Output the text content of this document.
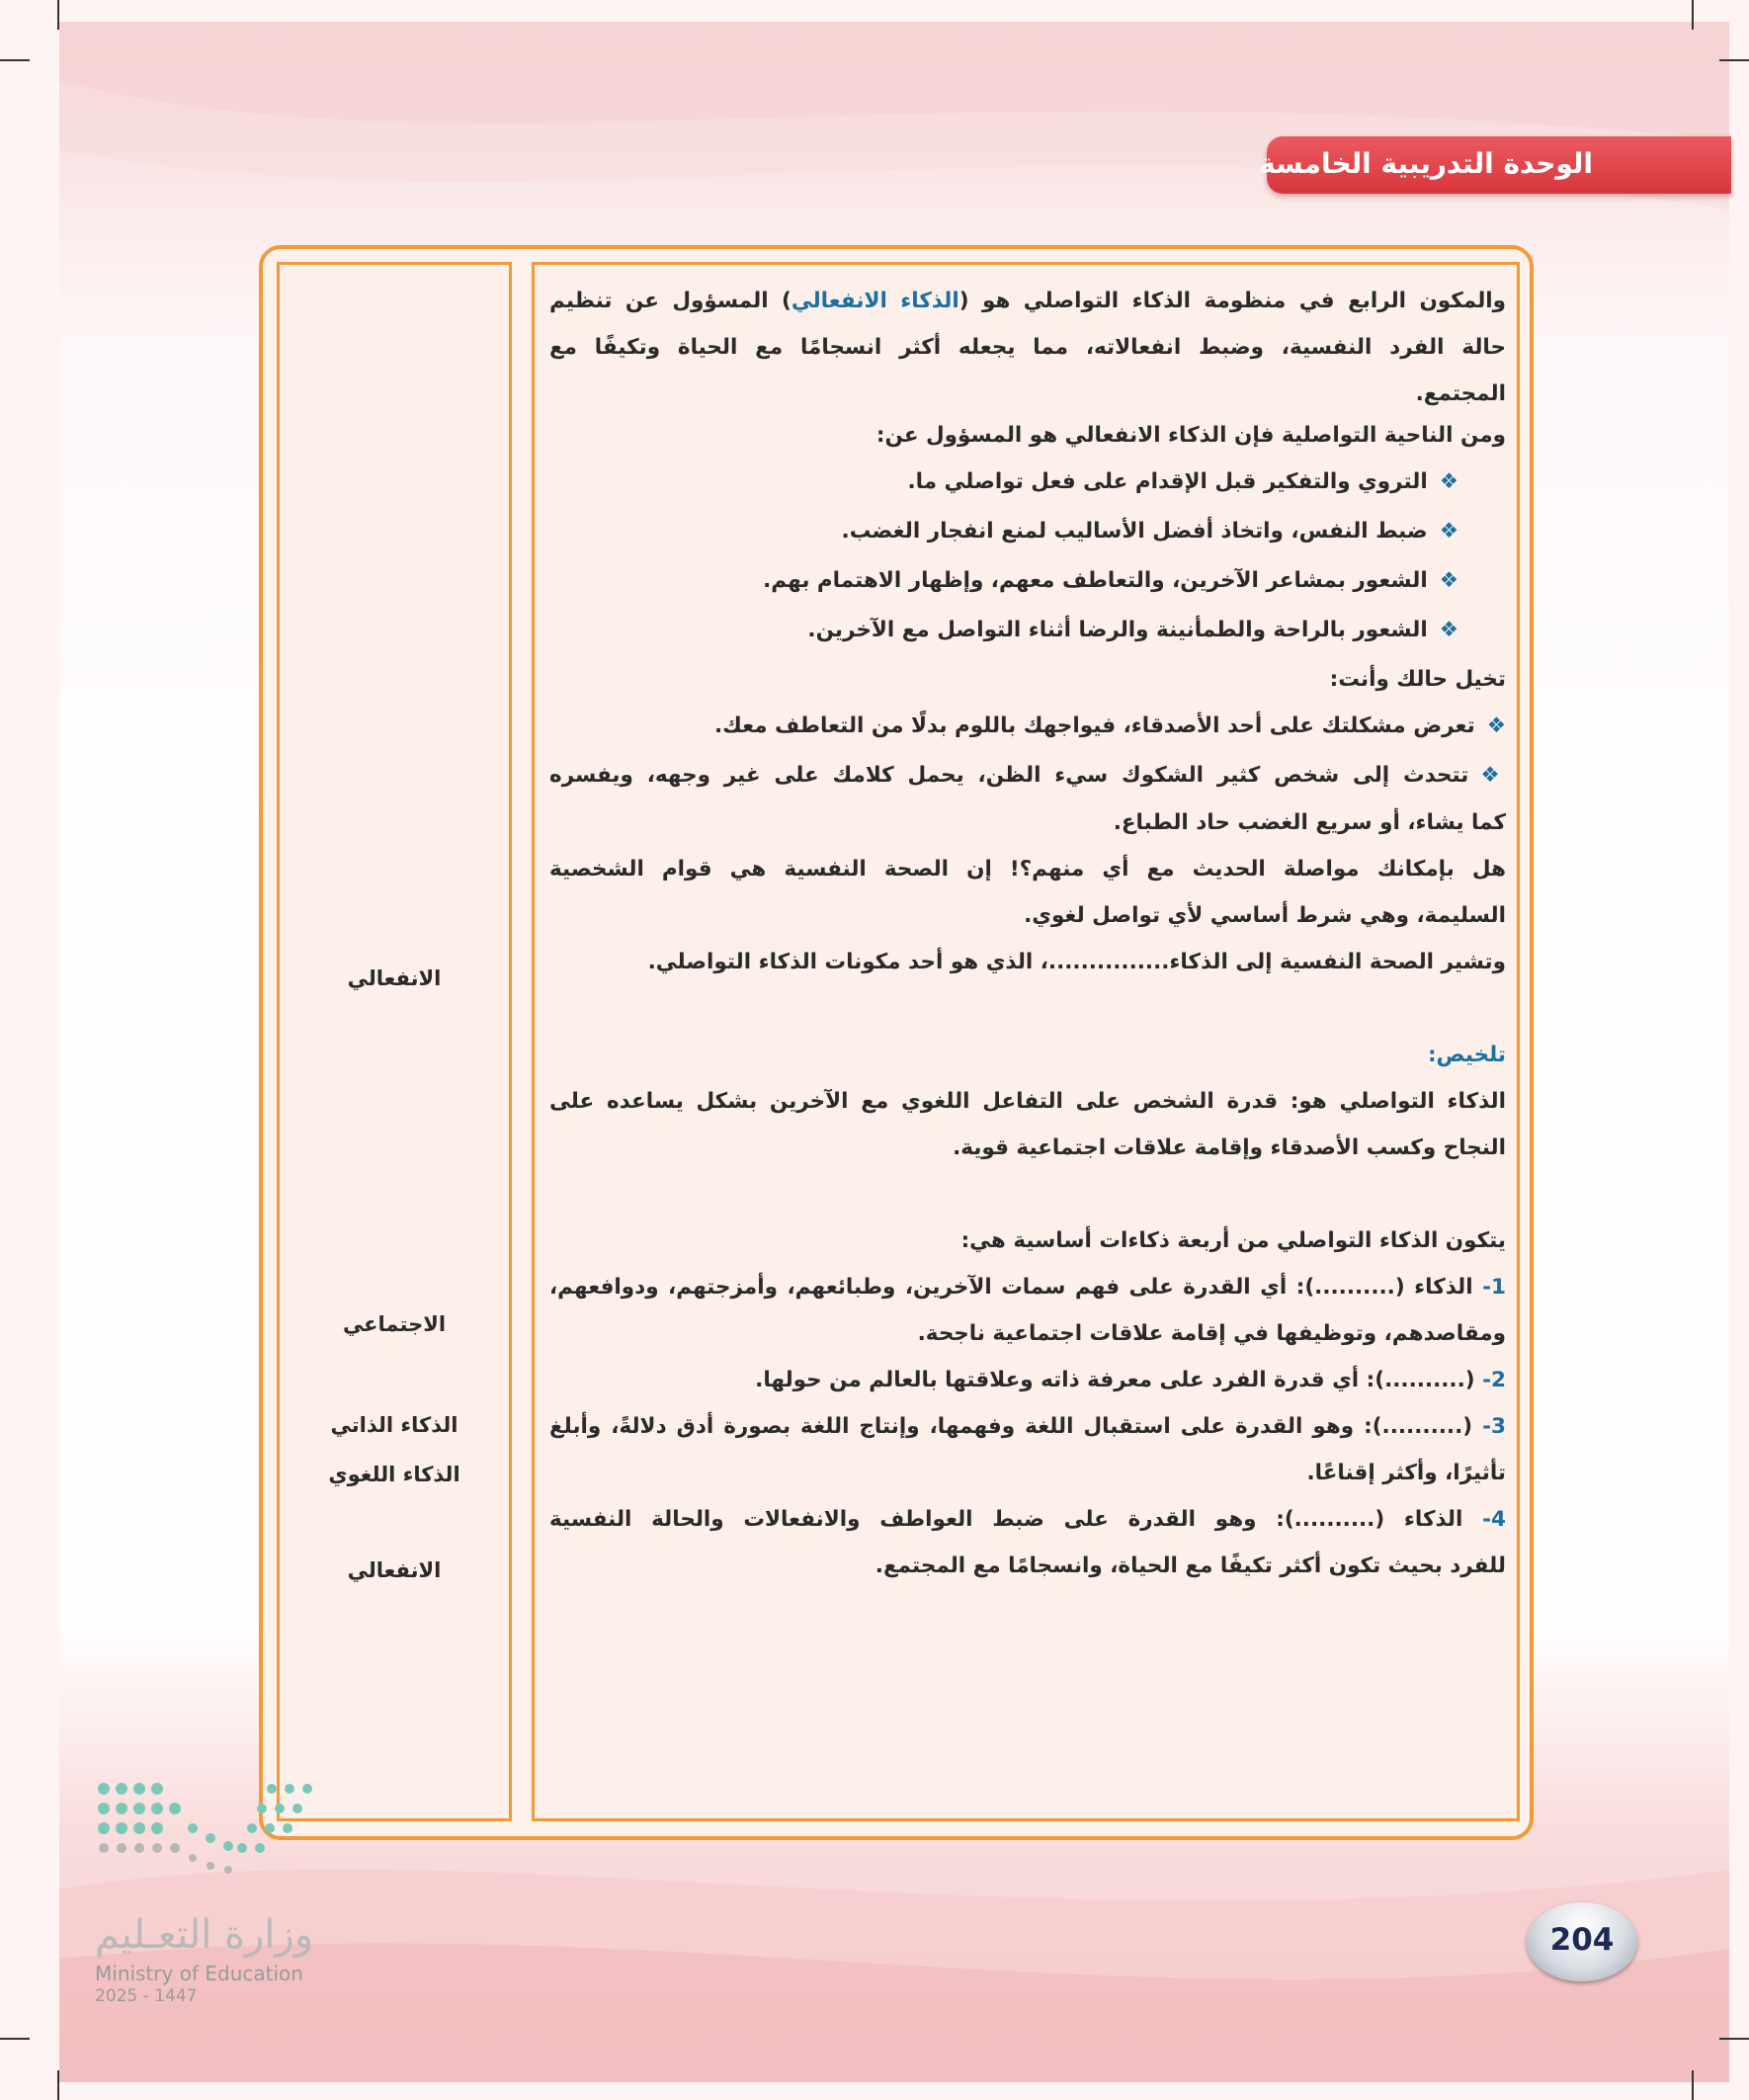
الوحدة التدريبية الخامسة
والمكون الرابع في منظومة الذكاء التواصلي هو (الذكاء الانفعالي) المسؤول عن تنظيم
حالة الفرد النفسية، وضبط انفعالاته، مما يجعله أكثر انسجامًا مع الحياة وتكيفًا مع
المجتمع.
ومن الناحية التواصلية فإن الذكاء الانفعالي هو المسؤول عن:
❖التروي والتفكير قبل الإقدام على فعل تواصلي ما.
❖ضبط النفس، واتخاذ أفضل الأساليب لمنع انفجار الغضب.
❖الشعور بمشاعر الآخرين، والتعاطف معهم، وإظهار الاهتمام بهم.
❖الشعور بالراحة والطمأنينة والرضا أثناء التواصل مع الآخرين.
تخيل حالك وأنت:
❖تعرض مشكلتك على أحد الأصدقاء، فيواجهك باللوم بدلًا من التعاطف معك.
❖تتحدث إلى شخص كثير الشكوك سيء الظن، يحمل كلامك على غير وجهه، ويفسره
كما يشاء، أو سريع الغضب حاد الطباع.
هل بإمكانك مواصلة الحديث مع أي منهم؟! إن الصحة النفسية هي قوام الشخصية
السليمة، وهي شرط أساسي لأي تواصل لغوي.
وتشير الصحة النفسية إلى الذكاء...............، الذي هو أحد مكونات الذكاء التواصلي.
تلخيص:
الذكاء التواصلي هو: قدرة الشخص على التفاعل اللغوي مع الآخرين بشكل يساعده على
النجاح وكسب الأصدقاء وإقامة علاقات اجتماعية قوية.
يتكون الذكاء التواصلي من أربعة ذكاءات أساسية هي:
1- الذكاء (..........): أي القدرة على فهم سمات الآخرين، وطبائعهم، وأمزجتهم، ودوافعهم،
ومقاصدهم، وتوظيفها في إقامة علاقات اجتماعية ناجحة.
2- (..........): أي قدرة الفرد على معرفة ذاته وعلاقتها بالعالم من حولها.
3- (..........): وهو القدرة على استقبال اللغة وفهمها، وإنتاج اللغة بصورة أدق دلالةً، وأبلغ
تأثيرًا، وأكثر إقناعًا.
4- الذكاء (..........): وهو القدرة على ضبط العواطف والانفعالات والحالة النفسية
للفرد بحيث تكون أكثر تكيفًا مع الحياة، وانسجامًا مع المجتمع.
الانفعالي
الاجتماعي
الذكاء الذاتي
الذكاء اللغوي
الانفعالي
وزارة التعـليم
Ministry of Education
2025 - 1447
204
